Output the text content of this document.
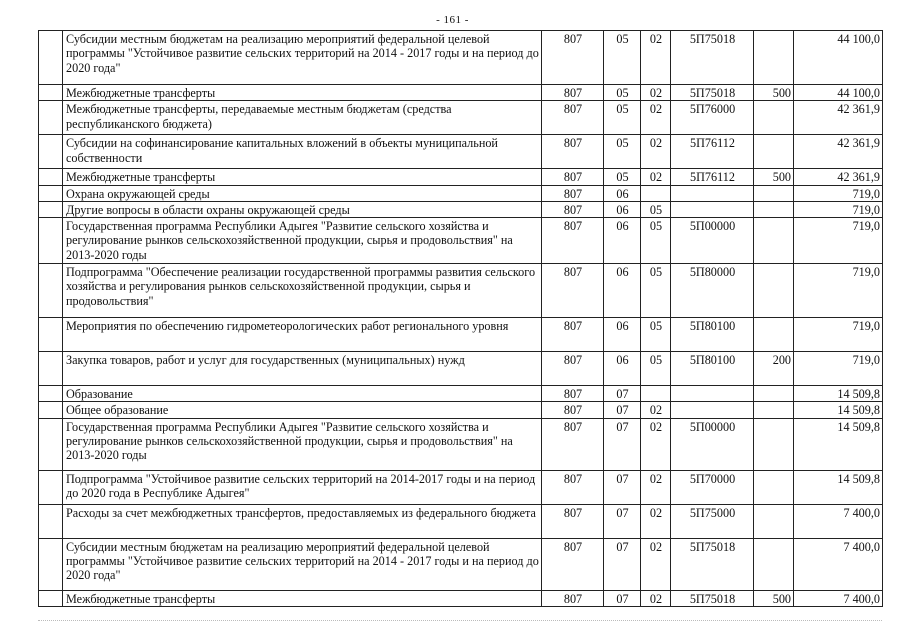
- 161 -
	Субсидии местным бюджетам на реализацию мероприятий федеральной целевой программы "Устойчивое развитие сельских территорий на 2014 - 2017 годы и на период до 2020 года"	807	05	02	5П75018		44 100,0
	Межбюджетные трансферты	807	05	02	5П75018	500	44 100,0
	Межбюджетные трансферты, передаваемые местным бюджетам (средства республиканского бюджета)	807	05	02	5П76000		42 361,9
	Субсидии на софинансирование капитальных вложений в объекты муниципальной собственности	807	05	02	5П76112		42 361,9
	Межбюджетные трансферты	807	05	02	5П76112	500	42 361,9
	Охрана окружающей среды	807	06				719,0
	Другие вопросы в области охраны окружающей среды	807	06	05			719,0
	Государственная программа Республики Адыгея "Развитие сельского хозяйства и регулирование рынков сельскохозяйственной продукции, сырья и продовольствия" на 2013-2020 годы	807	06	05	5П00000		719,0
	Подпрограмма "Обеспечение реализации государственной программы развития сельского хозяйства и регулирования рынков сельскохозяйственной продукции, сырья и продовольствия"	807	06	05	5П80000		719,0
	Мероприятия по обеспечению гидрометеорологических работ регионального уровня	807	06	05	5П80100		719,0
	Закупка товаров, работ и услуг для государственных (муниципальных) нужд	807	06	05	5П80100	200	719,0
	Образование	807	07				14 509,8
	Общее образование	807	07	02			14 509,8
	Государственная программа Республики Адыгея "Развитие сельского хозяйства и регулирование рынков сельскохозяйственной продукции, сырья и продовольствия" на 2013-2020 годы	807	07	02	5П00000		14 509,8
	Подпрограмма "Устойчивое развитие сельских территорий на 2014-2017 годы и на период до 2020 года в Республике Адыгея"	807	07	02	5П70000		14 509,8
	Расходы за счет межбюджетных трансфертов, предоставляемых из федерального бюджета	807	07	02	5П75000		7 400,0
	Субсидии местным бюджетам на реализацию мероприятий федеральной целевой программы "Устойчивое развитие сельских территорий на 2014 - 2017 годы и на период до 2020 года"	807	07	02	5П75018		7 400,0
	Межбюджетные трансферты	807	07	02	5П75018	500	7 400,0
